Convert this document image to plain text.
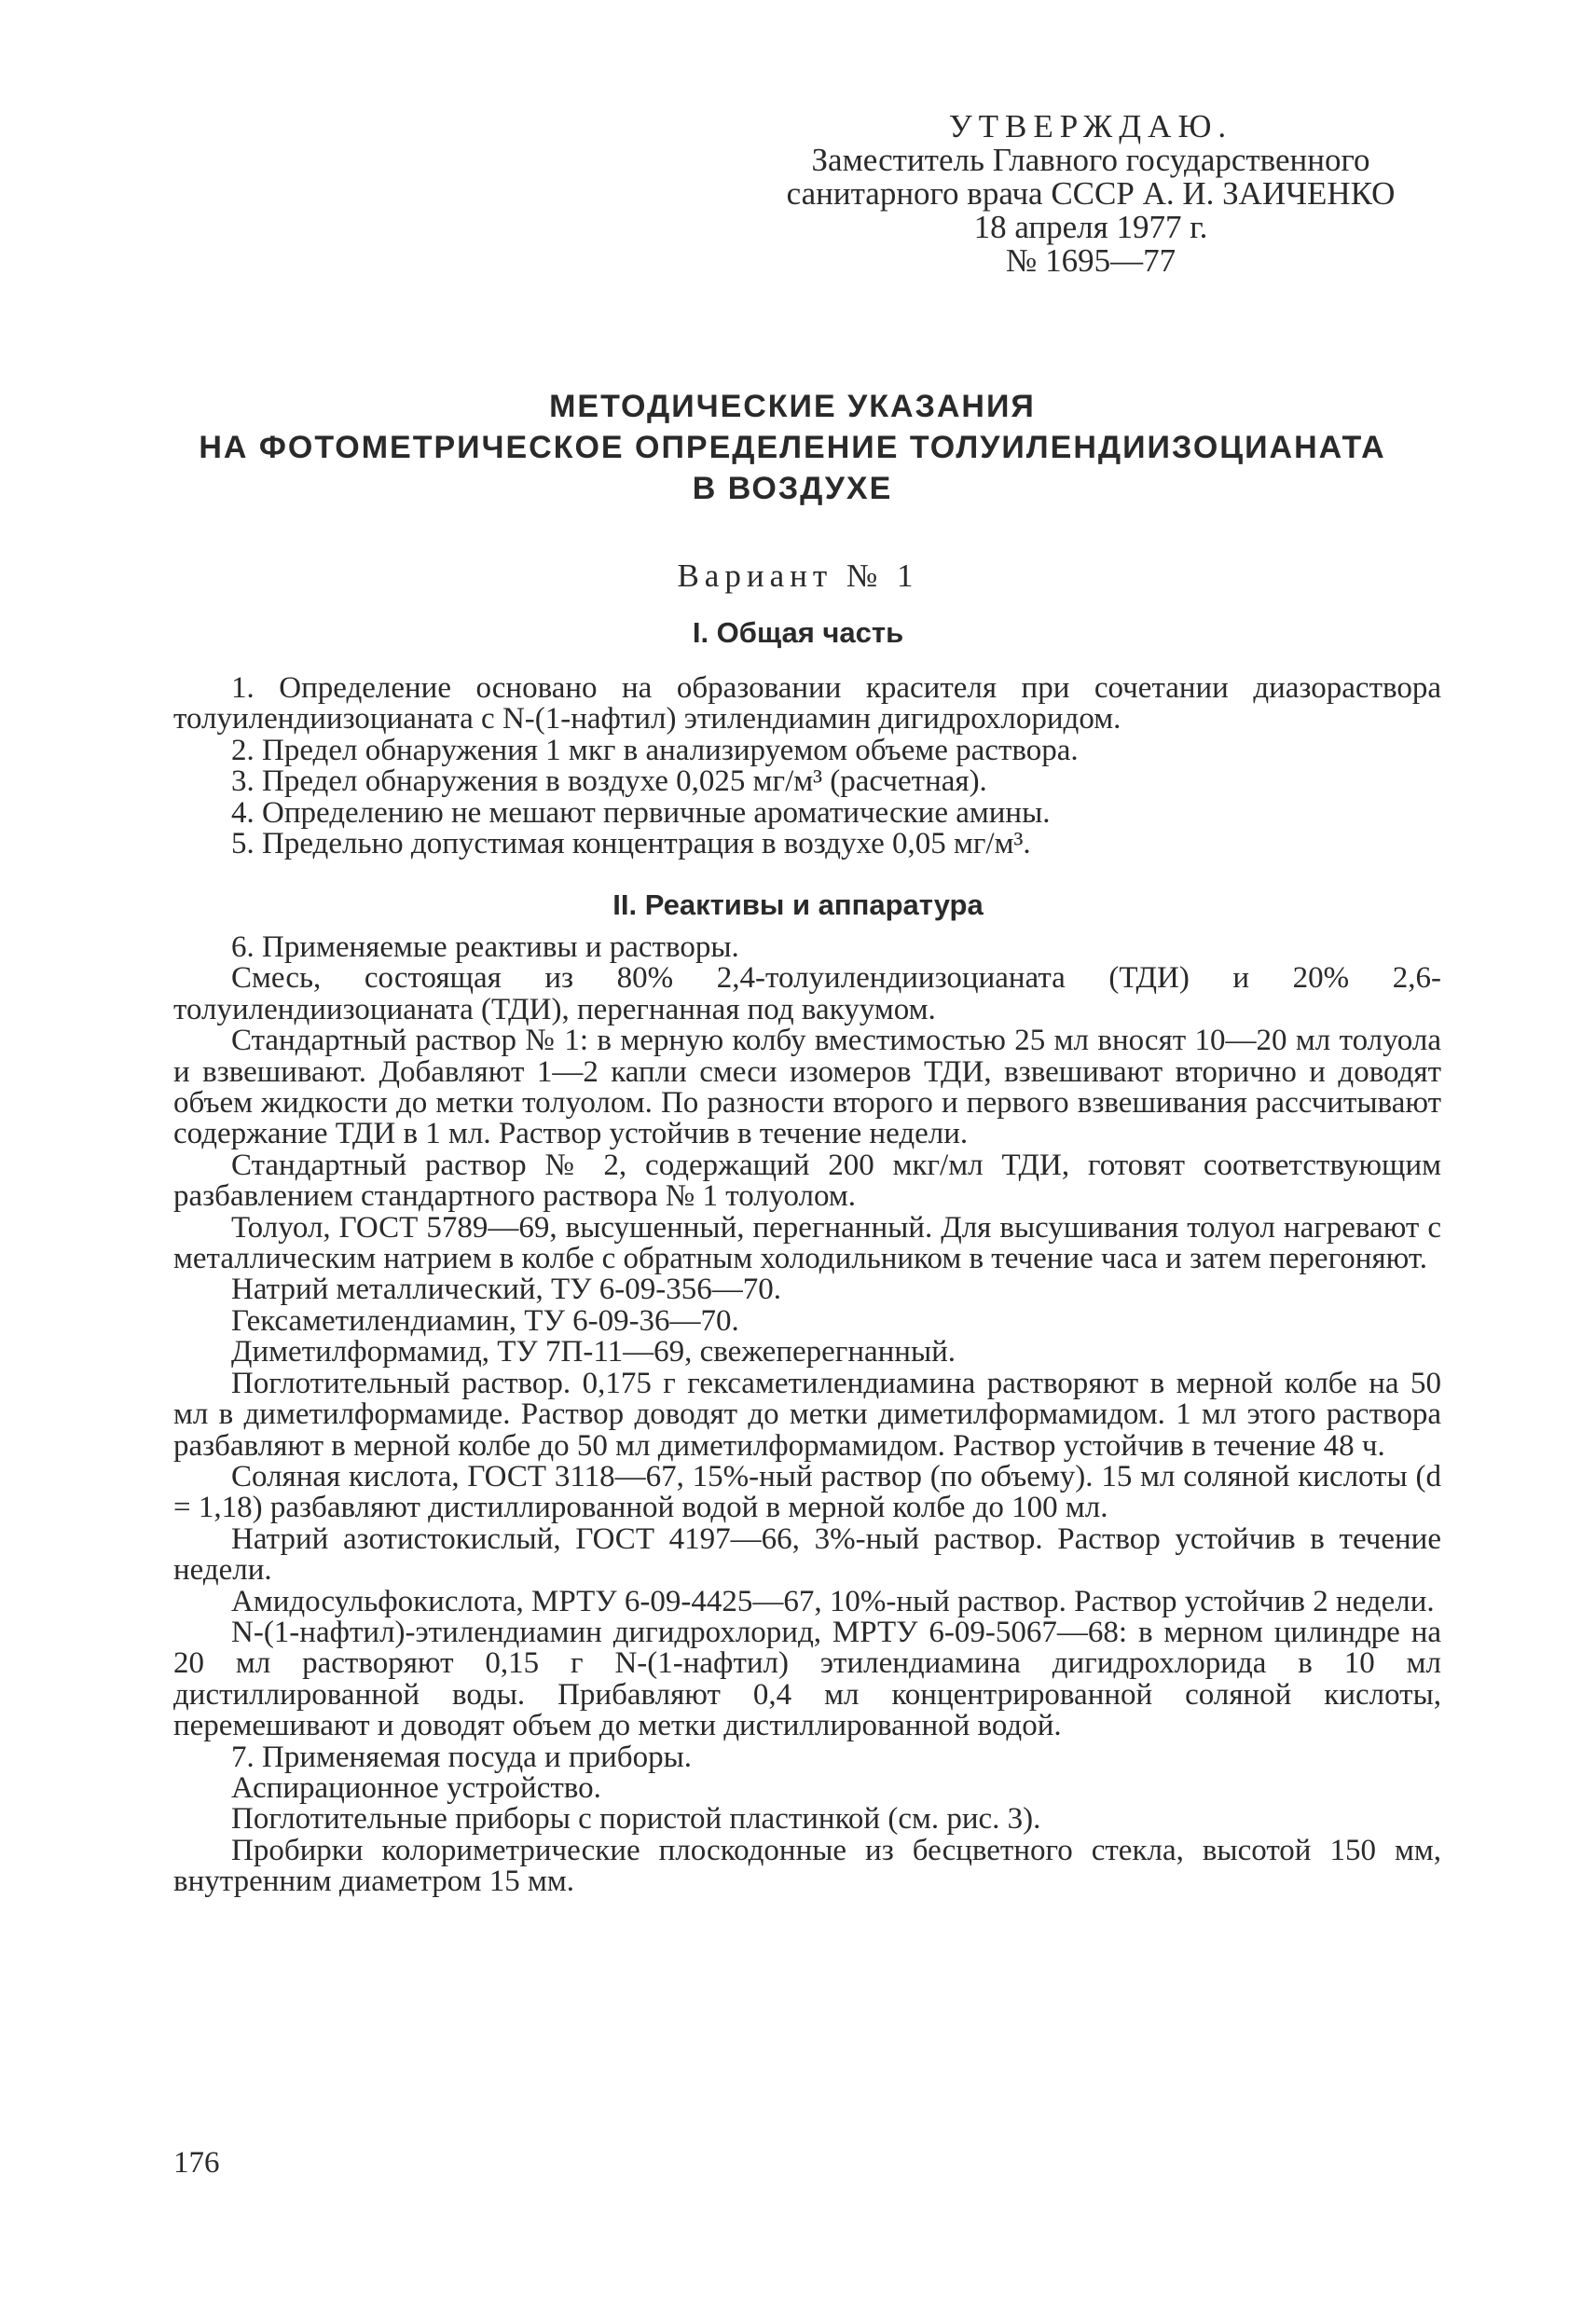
УТВЕРЖДАЮ.
Заместитель Главного государственного
санитарного врача СССР А. И. ЗАИЧЕНКО
18 апреля 1977 г.
№ 1695—77
МЕТОДИЧЕСКИЕ УКАЗАНИЯ
НА ФОТОМЕТРИЧЕСКОЕ ОПРЕДЕЛЕНИЕ ТОЛУИЛЕНДИИЗОЦИАНАТА
В ВОЗДУХЕ
Вариант № 1
I. Общая часть

1. Определение основано на образовании красителя при сочетании диазораствора толуилендиизоцианата с N-(1-нафтил) этилендиамин дигидрохлоридом.

2. Предел обнаружения 1 мкг в анализируемом объеме раствора.

3. Предел обнаружения в воздухе 0,025 мг/м³ (расчетная).

4. Определению не мешают первичные ароматические амины.

5. Предельно допустимая концентрация в воздухе 0,05 мг/м³.

II. Реактивы и аппаратура

6. Применяемые реактивы и растворы.

Смесь, состоящая из 80% 2,4-толуилендиизоцианата (ТДИ) и 20% 2,6-толуилендиизоцианата (ТДИ), перегнанная под вакуумом.

Стандартный раствор № 1: в мерную колбу вместимостью 25 мл вносят 10—20 мл толуола и взвешивают. Добавляют 1—2 капли смеси изомеров ТДИ, взвешивают вторично и доводят объем жидкости до метки толуолом. По разности второго и первого взвешивания рассчитывают содержание ТДИ в 1 мл. Раствор устойчив в течение недели.

Стандартный раствор № 2, содержащий 200 мкг/мл ТДИ, готовят соответствующим разбавлением стандартного раствора № 1 толуолом.

Толуол, ГОСТ 5789—69, высушенный, перегнанный. Для высушивания толуол нагревают с металлическим натрием в колбе с обратным холодильником в течение часа и затем перегоняют.

Натрий металлический, ТУ 6-09-356—70.

Гексаметилендиамин, ТУ 6-09-36—70.

Диметилформамид, ТУ 7П-11—69, свежеперегнанный.

Поглотительный раствор. 0,175 г гексаметилендиамина растворяют в мерной колбе на 50 мл в диметилформамиде. Раствор доводят до метки диметилформамидом. 1 мл этого раствора разбавляют в мерной колбе до 50 мл диметилформамидом. Раствор устойчив в течение 48 ч.

Соляная кислота, ГОСТ 3118—67, 15%-ный раствор (по объему). 15 мл соляной кислоты (d = 1,18) разбавляют дистиллированной водой в мерной колбе до 100 мл.

Натрий азотистокислый, ГОСТ 4197—66, 3%-ный раствор. Раствор устойчив в течение недели.

Амидосульфокислота, МРТУ 6-09-4425—67, 10%-ный раствор. Раствор устойчив 2 недели.

N-(1-нафтил)-этилендиамин дигидрохлорид, МРТУ 6-09-5067—68: в мерном цилиндре на 20 мл растворяют 0,15 г N-(1-нафтил) этилендиамина дигидрохлорида в 10 мл дистиллированной воды. Прибавляют 0,4 мл концентрированной соляной кислоты, перемешивают и доводят объем до метки дистиллированной водой.

7. Применяемая посуда и приборы.

Аспирационное устройство.

Поглотительные приборы с пористой пластинкой (см. рис. 3).

Пробирки колориметрические плоскодонные из бесцветного стекла, высотой 150 мм, внутренним диаметром 15 мм.

176
